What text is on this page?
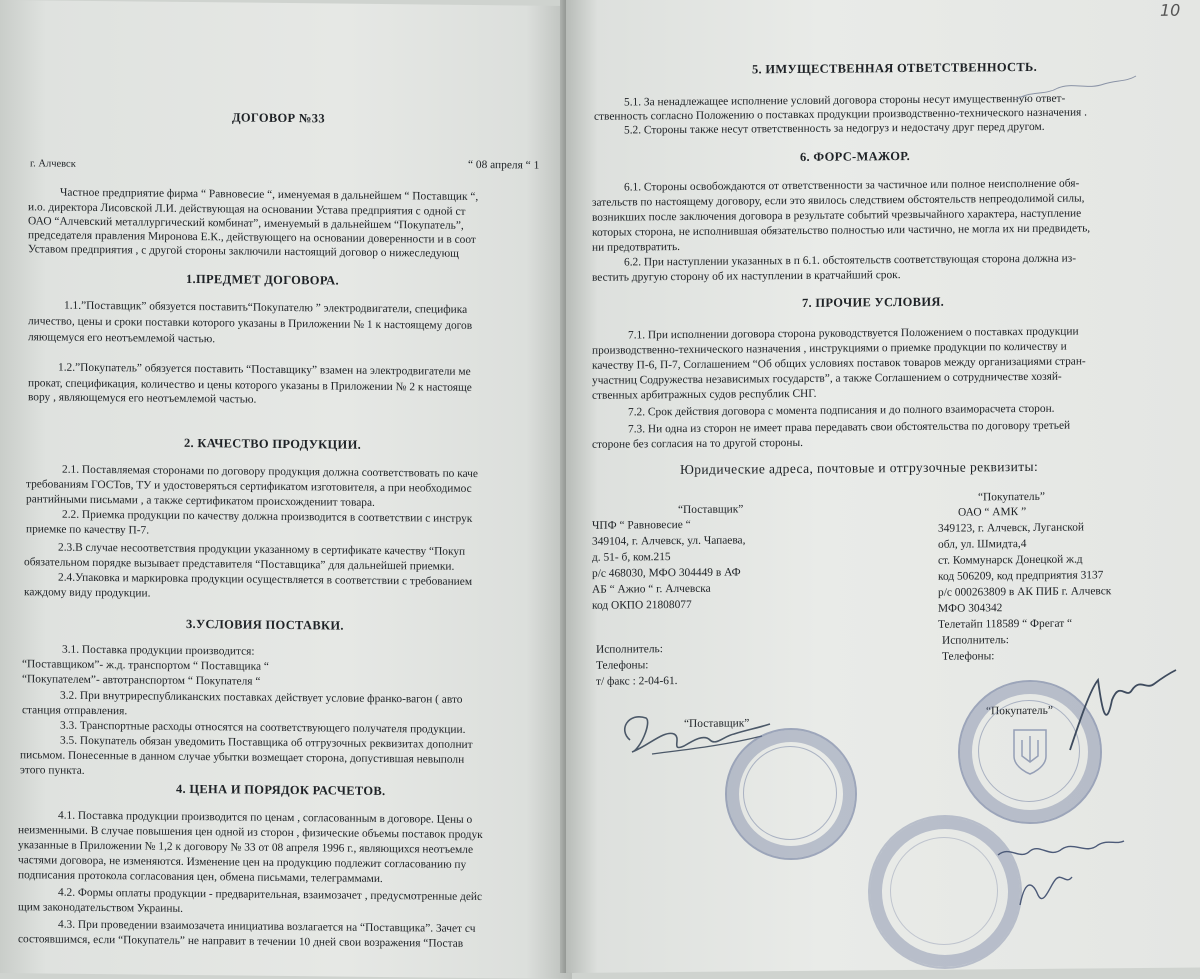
ДОГОВОР №33
г. Алчевск	“ 08 апреля “ 1
Частное предприятие фирма “ Равновесие “, именуемая в дальнейшем “ Поставщик “,
и.о. директора Лисовской Л.И. действующая на основании Устава предприятия с одной ст
ОАО “Алчевский металлургический комбинат”, именуемый в дальнейшем “Покупатель”,
председателя правления Миронова Е.К., действующего на основании доверенности и в соот
Уставом предприятия , с другой стороны заключили настоящий договор о нижеследующ
1.ПРЕДМЕТ ДОГОВОРА.
1.1.”Поставщик” обязуется поставить“Покупателю ” электродвигатели, специфика
личество, цены и сроки поставки которого указаны в Приложении № 1 к настоящему догов
ляющемуся его неотъемлемой частью.
1.2.”Покупатель” обязуется поставить “Поставщику” взамен на электродвигатели ме
прокат, спецификация, количество и цены которого указаны в Приложении № 2 к настояще
вору , являющемуся его неотъемлемой частью.
2. КАЧЕСТВО ПРОДУКЦИИ.
2.1. Поставляемая сторонами по договору продукция должна соответствовать по каче
требованиям ГОСТов, ТУ и удостоверяться сертификатом изготовителя, а при необходимос
рантийными письмами , а также сертификатом происхождениит товара.
2.2. Приемка продукции по качеству должна производится в соответствии с инструк
приемке по качеству П-7.
2.3.В случае несоответствия продукции указанному в сертификате качеству “Покуп
обязательном порядке вызывает представителя “Поставщика” для дальнейшей приемки.
2.4.Упаковка и маркировка продукции осуществляется в соответствии с требованием
каждому виду продукции.
3.УСЛОВИЯ ПОСТАВКИ.
3.1. Поставка продукции производится:
“Поставщиком”- ж.д. транспортом “ Поставщика “
“Покупателем”- автотранспортом “ Покупателя “
3.2. При внутриреспубликанских поставках действует условие франко-вагон ( авто
станция отправления.
3.3. Транспортные расходы относятся на соответствующего получателя продукции.
3.5. Покупатель обязан уведомить Поставщика об отгрузочных реквизитах дополнит
письмом. Понесенные в данном случае убытки возмещает сторона, допустившая невыполн
этого пункта.
4. ЦЕНА И ПОРЯДОК РАСЧЕТОВ.
4.1. Поставка продукции производится по ценам , согласованным в договоре. Цены о
неизменными. В случае повышения цен одной из сторон , физические объемы поставок продук
указанные в Приложении № 1,2 к договору № 33 от 08 апреля 1996 г., являющихся неотъемле
частями договора, не изменяются. Изменение цен на продукцию подлежит согласованию пу
подписания протокола согласования цен, обмена письмами, телеграммами.
4.2. Формы оплаты продукции - предварительная, взаимозачет , предусмотренные дейс
щим законодательством Украины.
4.3. При проведении взаимозачета инициатива возлагается на “Поставщика”. Зачет сч
состоявшимся, если “Покупатель” не направит в течении 10 дней свои возражения “Постав
10
5. ИМУЩЕСТВЕННАЯ ОТВЕТСТВЕННОСТЬ.
5.1. За ненадлежащее исполнение условий договора стороны несут имущественную ответ-
ственность согласно Положению о поставках продукции производственно-технического назначения .
5.2. Стороны также несут ответственность за недогруз и недостачу друг перед другом.
6. ФОРС-МАЖОР.
6.1. Стороны освобождаются от ответственности за частичное или полное неисполнение обя-
зательств по настоящему договору, если это явилось следствием обстоятельств непреодолимой силы,
возникших после заключения договора в результате событий чрезвычайного характера, наступление
которых сторона, не исполнившая обязательство полностью или частично, не могла их ни предвидеть,
ни предотвратить.
6.2. При наступлении указанных в п 6.1. обстоятельств соответствующая сторона должна из-
вестить другую сторону об их наступлении в кратчайший срок.
7. ПРОЧИЕ УСЛОВИЯ.
7.1. При исполнении договора сторона руководствуется Положением о поставках продукции
производственно-технического назначения , инструкциями о приемке продукции по количеству и
качеству П-6, П-7, Соглашением “Об общих условиях поставок товаров между организациями стран-
участниц Содружества независимых государств”, а также Соглашением о сотрудничестве хозяй-
ственных арбитражных судов республик СНГ.
7.2. Срок действия договора с момента подписания и до полного взаиморасчета сторон.
7.3. Ни одна из сторон не имеет права передавать свои обстоятельства по договору третьей
стороне без согласия на то другой стороны.
Юридические адреса, почтовые и отгрузочные реквизиты:
“Поставщик”
ЧПФ “ Равновесие “
349104, г. Алчевск, ул. Чапаева,
д. 51- б, ком.215
р/с 468030, МФО 304449 в АФ
АБ “ Ажио “ г. Алчевска
код ОКПО 21808077
Исполнитель:
Телефоны:
т/ факс : 2-04-61.
“Поставщик”
“Покупатель”
ОАО “ АМК ”
349123, г. Алчевск, Луганской
обл, ул. Шмидта,4
ст. Коммунарск Донецкой ж.д
код 506209, код предприятия 3137
р/с 000263809 в АК ПИБ г. Алчевск
МФО 304342
Телетайп 118589 “ Фрегат “
Исполнитель:
Телефоны:
“Покупатель”
